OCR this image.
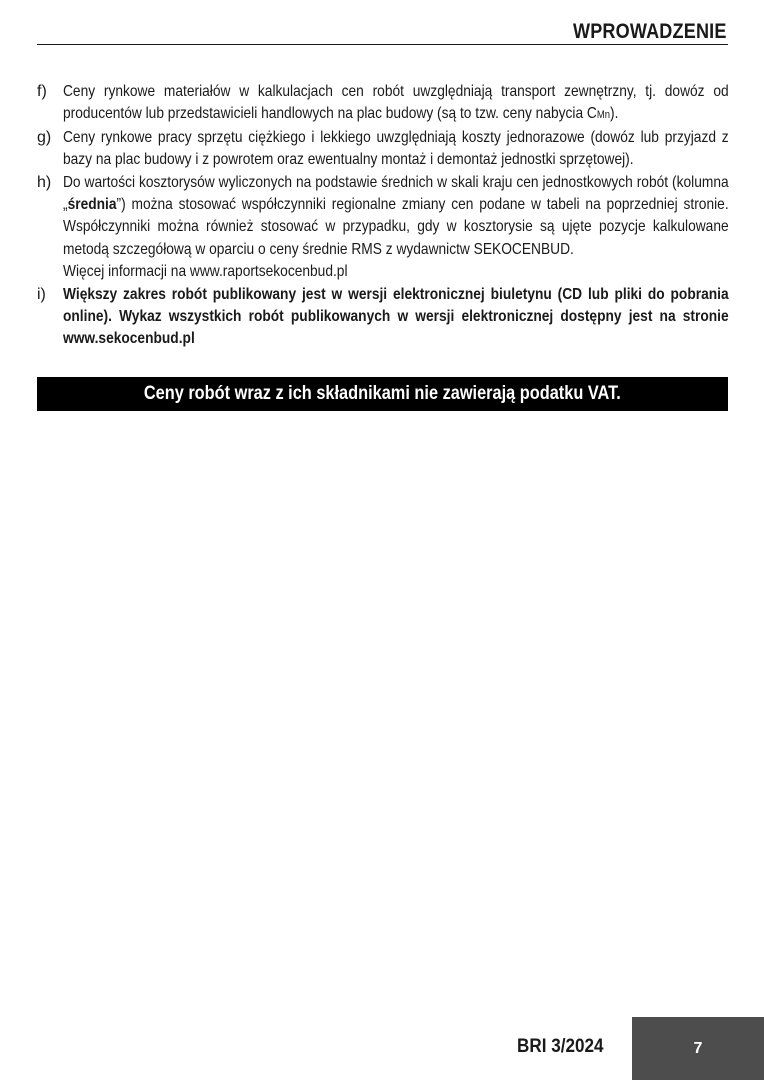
WPROWADZENIE
f)	Ceny rynkowe materiałów w kalkulacjach cen robót uwzględniają transport zewnętrzny, tj. dowóz od producentów lub przedstawicieli handlowych na plac budowy (są to tzw. ceny nabycia CMn).

g) Ceny rynkowe pracy sprzętu ciężkiego i lekkiego uwzględniają koszty jednorazowe (dowóz lub przyjazd z bazy na plac budowy i z powrotem oraz ewentualny montaż i demontaż jednostki sprzętowej).

h) Do wartości kosztorysów wyliczonych na podstawie średnich w skali kraju cen jednostkowych robót (kolumna „średnia”) można stosować współczynniki regionalne zmiany cen podane w tabeli na poprzedniej stronie. Współczynniki można również stosować w przypadku, gdy w kosztorysie są ujęte pozycje kalkulowane metodą szczegółową w oparciu o ceny średnie RMS z wydawnictw SEKOCENBUD.

Więcej informacji na www.raportsekocenbud.pl

i)	Większy zakres robót publikowany jest w wersji elektronicznej biuletynu (CD lub pliki do pobrania online). Wykaz wszystkich robót publikowanych w wersji elektronicznej dostępny jest na stronie www.sekocenbud.pl

Ceny robót wraz z ich składnikami nie zawierają podatku VAT.
BRI 3/2024	7
